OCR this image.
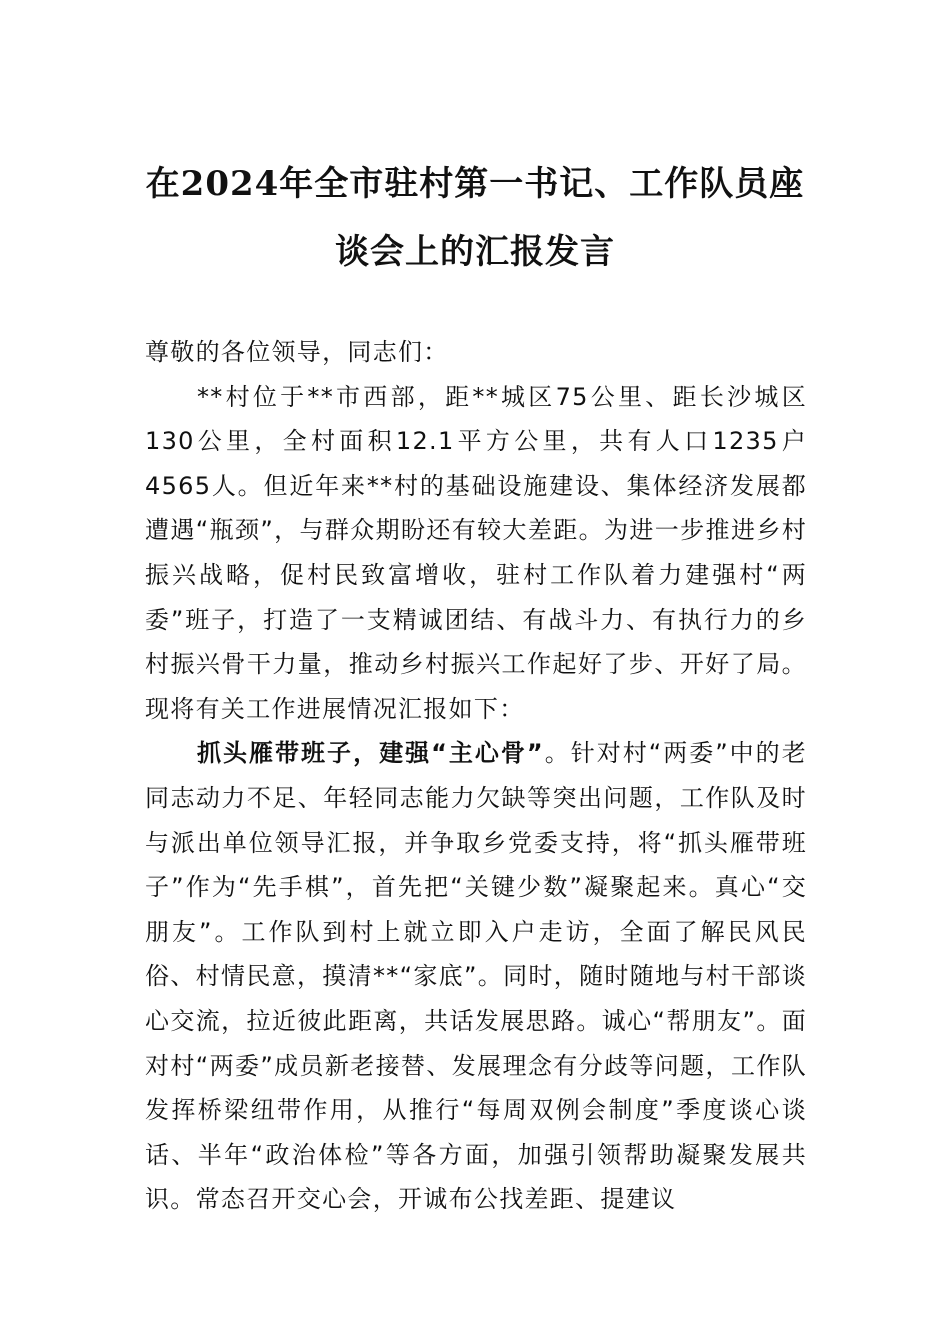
在2024年全市驻村第一书记、工作队员座
谈会上的汇报发言

尊敬的各位领导，同志们：

**村位于**市西部，距**城区75公里、距长沙城区130公里，全村面积12.1平方公里，共有人口1235户4565人。但近年来**村的基础设施建设、集体经济发展都遭遇“瓶颈”，与群众期盼还有较大差距。为进一步推进乡村振兴战略，促村民致富增收，驻村工作队着力建强村“两委”班子，打造了一支精诚团结、有战斗力、有执行力的乡村振兴骨干力量，推动乡村振兴工作起好了步、开好了局。现将有关工作进展情况汇报如下：

抓头雁带班子，建强“主心骨”。针对村“两委”中的老同志动力不足、年轻同志能力欠缺等突出问题，工作队及时与派出单位领导汇报，并争取乡党委支持，将“抓头雁带班子”作为“先手棋”，首先把“关键少数”凝聚起来。真心“交朋友”。工作队到村上就立即入户走访，全面了解民风民俗、村情民意，摸清**“家底”。同时，随时随地与村干部谈心交流，拉近彼此距离，共话发展思路。诚心“帮朋友”。面对村“两委”成员新老接替、发展理念有分歧等问题，工作队发挥桥梁纽带作用，从推行“每周双例会制度”季度谈心谈话、半年“政治体检”等各方面，加强引领帮助凝聚发展共识。常态召开交心会，开诚布公找差距、提建议
